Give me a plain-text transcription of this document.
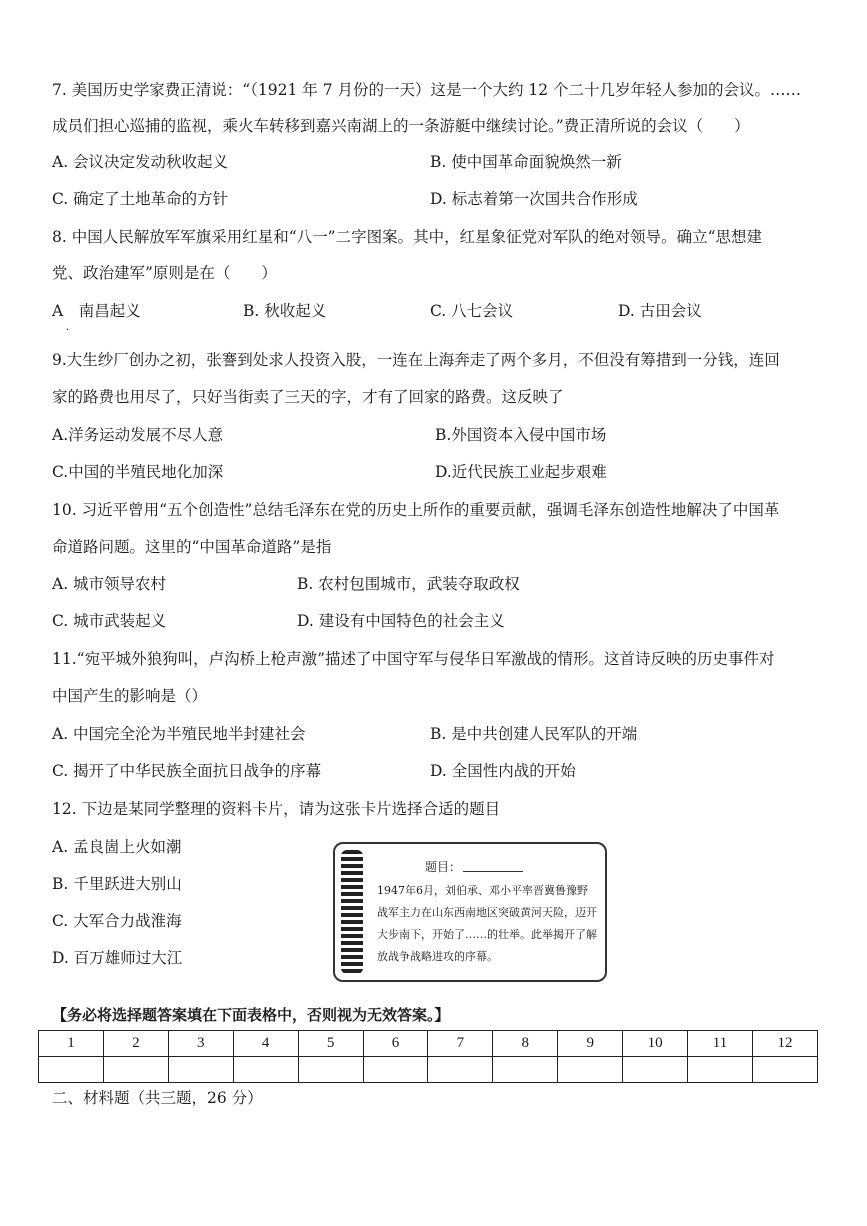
7. 美国历史学家费正清说：“（1921 年 7 月份的一天）这是一个大约 12 个二十几岁年轻人参加的会议。……
成员们担心巡捕的监视，乘火车转移到嘉兴南湖上的一条游艇中继续讨论。”费正清所说的会议（　　）
A. 会议决定发动秋收起义	B. 使中国革命面貌焕然一新
C. 确定了土地革命的方针	D. 标志着第一次国共合作形成
8. 中国人民解放军军旗采用红星和“八一”二字图案。其中，红星象征党对军队的绝对领导。确立“思想建
党、政治建军”原则是在（　　）
A　南昌起义
·
B. 秋收起义	C. 八七会议	D. 古田会议
9.大生纱厂创办之初，张謇到处求人投资入股，一连在上海奔走了两个多月，不但没有筹措到一分钱，连回
家的路费也用尽了，只好当街卖了三天的字，才有了回家的路费。这反映了
A.洋务运动发展不尽人意	B.外国资本入侵中国市场
C.中国的半殖民地化加深	D.近代民族工业起步艰难
10. 习近平曾用“五个创造性”总结毛泽东在党的历史上所作的重要贡献，强调毛泽东创造性地解决了中国革
命道路问题。这里的“中国革命道路”是指
A. 城市领导农村	B. 农村包围城市，武装夺取政权
C. 城市武装起义	D. 建设有中国特色的社会主义
11.“宛平城外狼狗叫，卢沟桥上枪声激”描述了中国守军与侵华日军激战的情形。这首诗反映的历史事件对
中国产生的影响是（）
A. 中国完全沦为半殖民地半封建社会	B. 是中共创建人民军队的开端
C. 揭开了中华民族全面抗日战争的序幕	D. 全国性内战的开始
12. 下边是某同学整理的资料卡片，请为这张卡片选择合适的题目
A. 孟良崮上火如潮
B. 千里跃进大别山
C. 大军合力战淮海
D. 百万雄师过大江
题目：
1947年6月，刘伯承、邓小平率晋冀鲁豫野战军主力在山东西南地区突破黄河天险，迈开大步南下，开始了……的壮举。此举揭开了解放战争战略进攻的序幕。
【务必将选择题答案填在下面表格中，否则视为无效答案。】
1	2	3	4	5	6	7	8	9	10	11	12

二、材料题（共三题，26 分）
